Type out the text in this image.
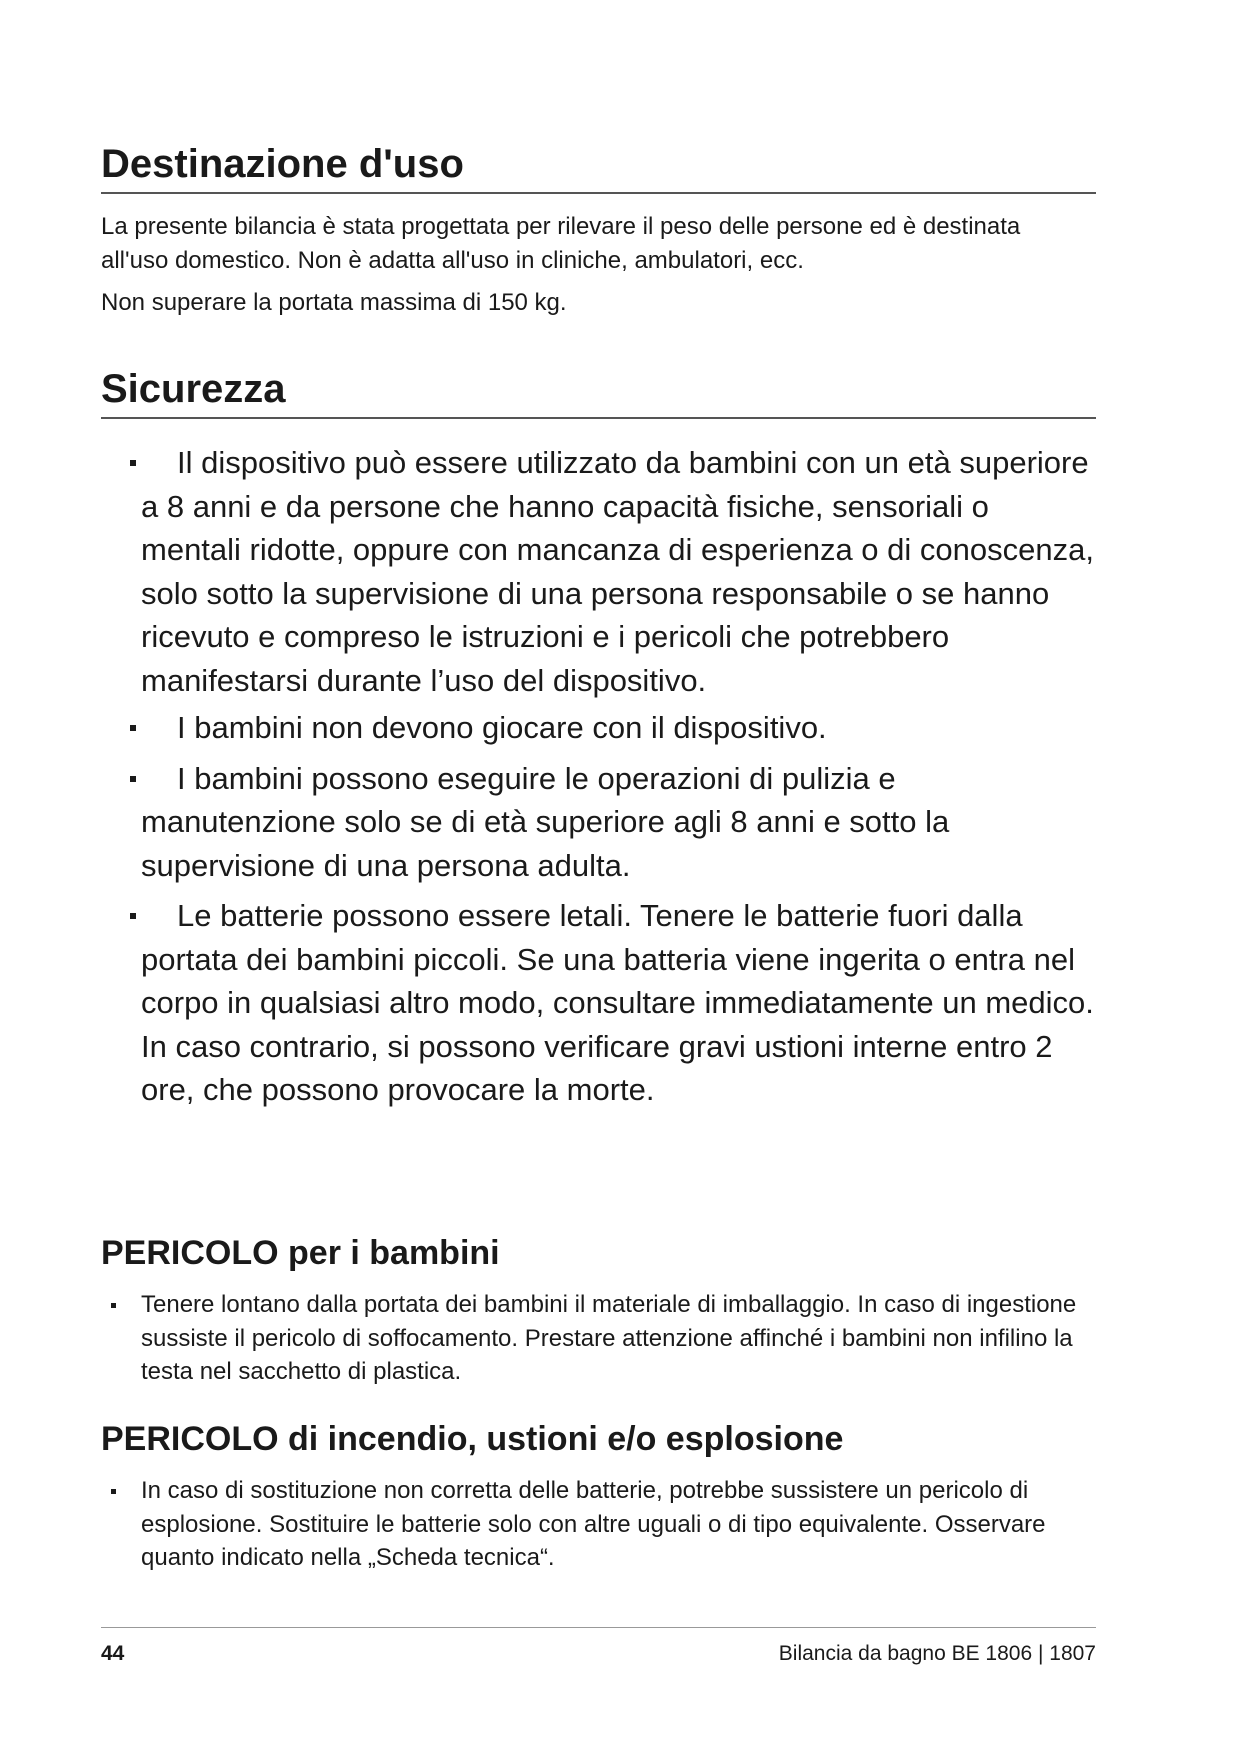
Destinazione d'uso

La presente bilancia è stata progettata per rilevare il peso delle persone ed è destinata all'uso domestico. Non è adatta all'uso in cliniche, ambulatori, ecc.

Non superare la portata massima di 150 kg.

Sicurezza
Il dispositivo può essere utilizzato da bambini con un età superiore a 8 anni e da persone che hanno capacità fisiche, sensoriali o mentali ridotte, oppure con mancanza di esperienza o di conoscenza, solo sotto la supervisione di una persona responsabile o se hanno ricevuto e compreso le istruzioni e i pericoli che potrebbero manifestarsi durante l’uso del dispositivo.
I bambini non devono giocare con il dispositivo.
I bambini possono eseguire le operazioni di pulizia e manutenzione solo se di età superiore agli 8 anni e sotto la supervisione di una persona adulta.
Le batterie possono essere letali. Tenere le batterie fuori dalla portata dei bambini piccoli. Se una batteria viene ingerita o entra nel corpo in qualsiasi altro modo, consultare immediatamente un medico. In caso contrario, si possono verificare gravi ustioni interne entro 2 ore, che possono provocare la morte.
PERICOLO per i bambini
Tenere lontano dalla portata dei bambini il materiale di imballaggio. In caso di ingestione sussiste il pericolo di soffocamento. Prestare attenzione affinché i bambini non infilino la testa nel sacchetto di plastica.
PERICOLO di incendio, ustioni e/o esplosione
In caso di sostituzione non corretta delle batterie, potrebbe sussistere un pericolo di esplosione. Sostituire le batterie solo con altre uguali o di tipo equivalente. Osservare quanto indicato nella „Scheda tecnica“.
44	Bilancia da bagno BE 1806 | 1807
